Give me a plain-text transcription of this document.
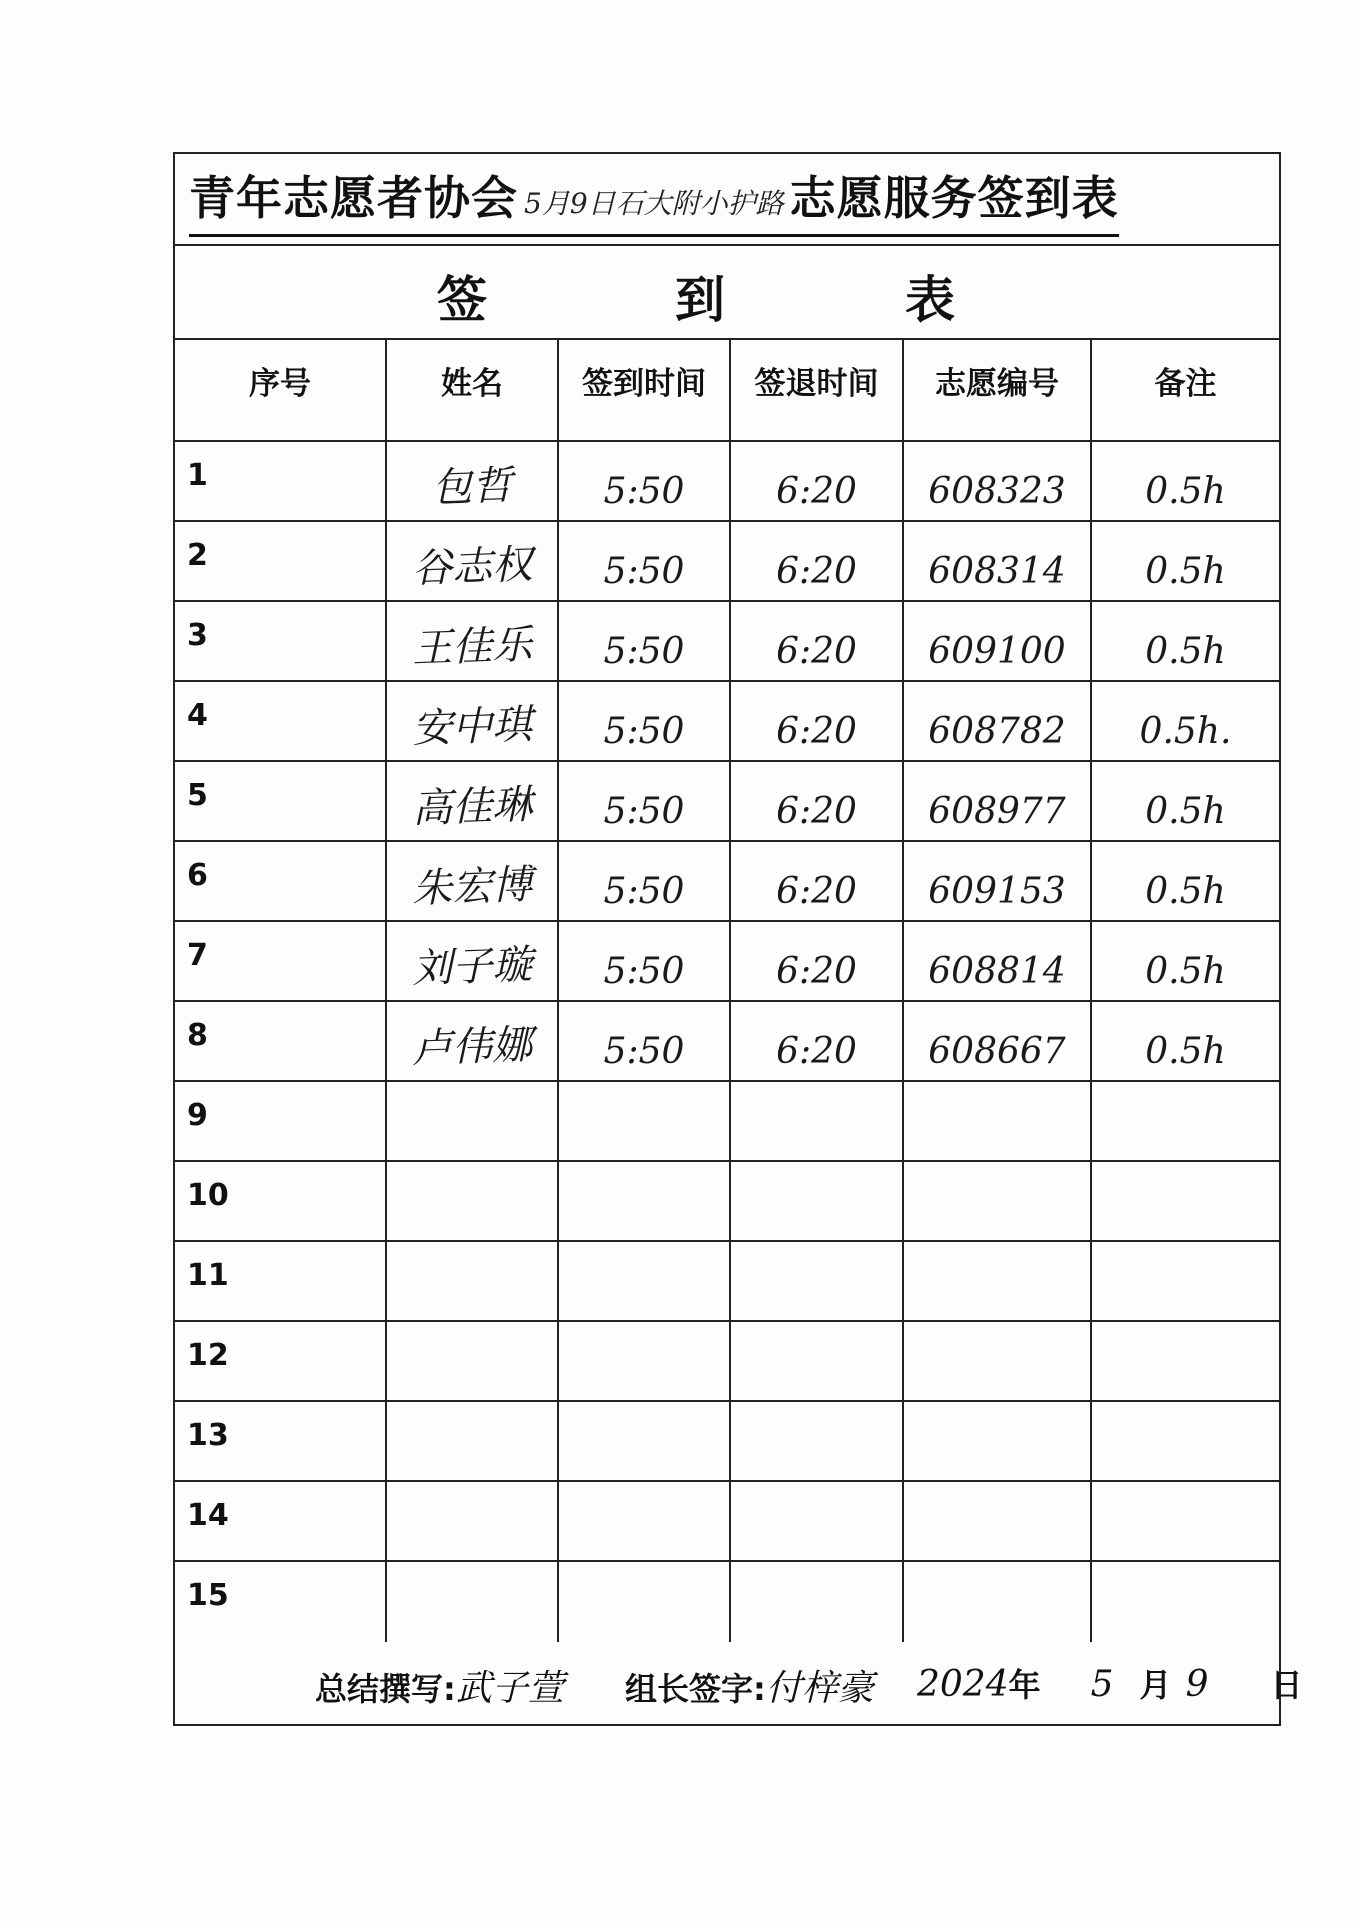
青年志愿者协会 5月9日石大附小护路 志愿服务签到表
签	到	表
序号	姓名	签到时间	签退时间	志愿编号	备注
1	包哲	5:50	6:20	608323	0.5h
2	谷志权	5:50	6:20	608314	0.5h
3	王佳乐	5:50	6:20	609100	0.5h
4	安中琪	5:50	6:20	608782	0.5h.
5	高佳琳	5:50	6:20	608977	0.5h
6	朱宏博	5:50	6:20	609153	0.5h
7	刘子璇	5:50	6:20	608814	0.5h
8	卢伟娜	5:50	6:20	608667	0.5h
9
10
11
12
13
14
15
总结撰写:武子萱 组长签字:付梓豪 2024年 5 月 9 日
